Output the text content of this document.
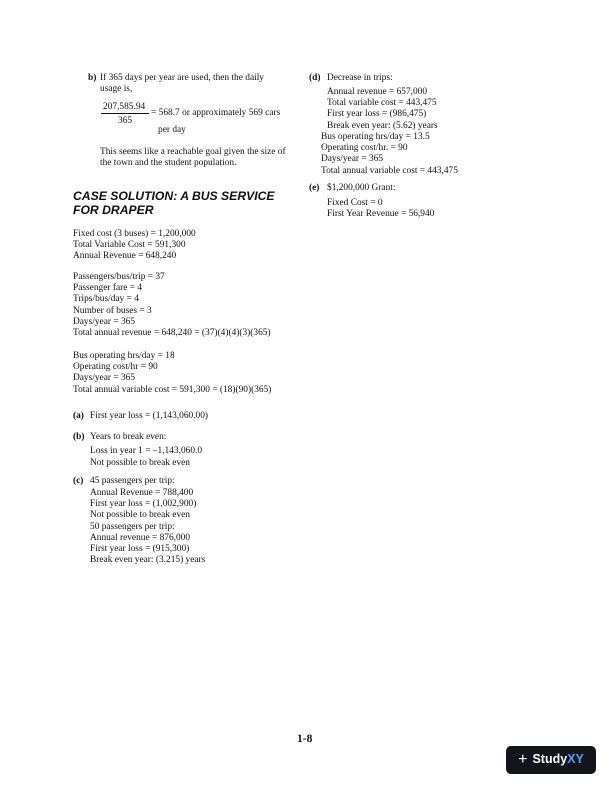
b) If 365 days per year are used, then the daily
usage is,
207,585.94
365
= 568.7 or approximately 569 cars
per day
This seems like a reachable goal given the size of
the town and the student population.
CASE SOLUTION: A BUS SERVICE
FOR DRAPER
Fixed cost (3 buses) = 1,200,000
Total Variable Cost = 591,300
Annual Revenue = 648,240
Passengers/bus/trip = 37
Passenger fare = 4
Trips/bus/day = 4
Number of buses = 3
Days/year = 365
Total annual revenue = 648,240 = (37)(4)(4)(3)(365)
Bus operating hrs/day = 18
Operating cost/hr = 90
Days/year = 365
Total annual variable cost = 591,300 = (18)(90)(365)
(a) First year loss = (1,143,060.00)
(b) Years to break even:
Loss in year 1 = –1,143,060.0
Not possible to break even
(c) 45 passengers per trip:
Annual Revenue = 788,400
First year loss = (1,002,900)
Not possible to break even
50 passengers per trip:
Annual revenue = 876,000
First year loss = (915,300)
Break even year: (3.215) years
(d) Decrease in trips:
Annual revenue = 657,000
Total variable cost = 443,475
First year loss = (986,475)
Break even year: (5.62) years
Bus operating hrs/day = 13.5
Operating cost/hr. = 90
Days/year = 365
Total annual variable cost = 443,475
(e) $1,200,000 Grant:
Fixed Cost = 0
First Year Revenue = 56,940
1-8
+ StudyXY
